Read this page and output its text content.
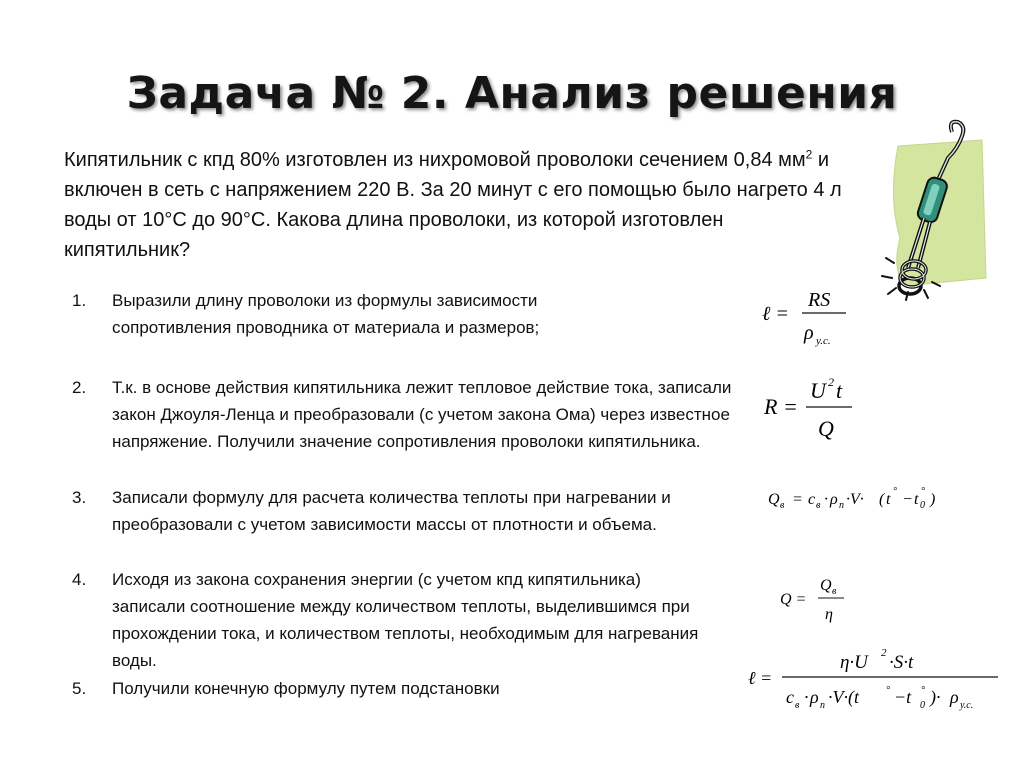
Задача № 2. Анализ решения
Кипятильник с кпд 80% изготовлен из нихромовой проволоки сечением 0,84 $мм^2$ и включен в сеть с напряжением 220 В. За 20 минут с его помощью было нагрето 4 л воды от 10°С до 90°С. Какова длина проволоки, из которой изготовлен кипятильник?
1. Выразили длину проволоки из формулы зависимости сопротивления проводника от материала и размеров;
2. Т.к. в основе действия кипятильника лежит тепловое действие тока, записали закон Джоуля-Ленца и преобразовали (с учетом закона Ома) через известное напряжение. Получили значение сопротивления проволоки кипятильника.
3. Записали формулу для расчета количества теплоты при нагревании и преобразовали с учетом зависимости массы от плотности и объема.
4. Исходя из закона сохранения энергии (с учетом кпд кипятильника) записали соотношение между количеством теплоты, выделившимся при прохождении тока, и количеством теплоты, необходимым для нагревания воды.
5. Получили конечную формулу путем подстановки
ℓ =
RS
ρ у.с.
R =
U 2 t
Q
Q в = c в · ρ п ·V· ( t ° − t 0
° )
Q =
Q в
η
ℓ =
η·U 2 ·S·t
c в · ρ п ·V·(t	° −t 0
° )· ρ у.с.
